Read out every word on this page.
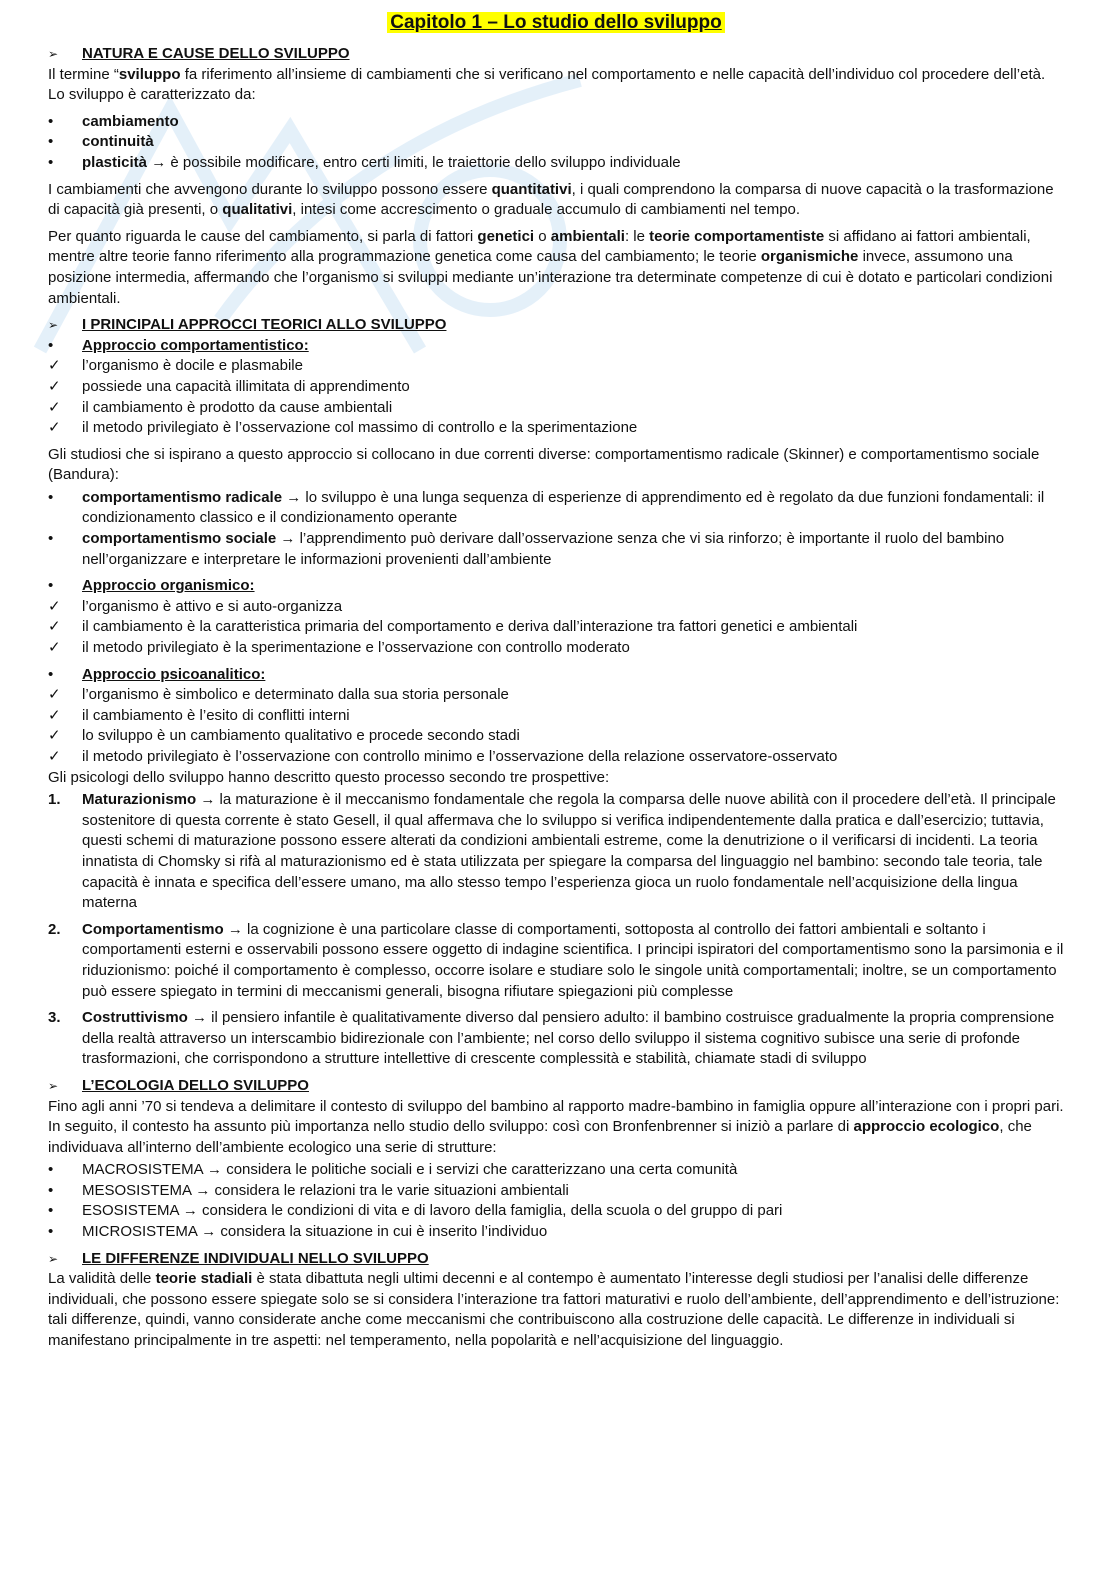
Capitolo 1 – Lo studio dello sviluppo
➢	NATURA E CAUSE DELLO SVILUPPO

Il termine “sviluppo fa riferimento all’insieme di cambiamenti che si verificano nel comportamento e nelle capacità dell’individuo col procedere dell’età. Lo sviluppo è caratterizzato da:

•	cambiamento
•	continuità
•	plasticità → è possibile modificare, entro certi limiti, le traiettorie dello sviluppo individuale

I cambiamenti che avvengono durante lo sviluppo possono essere quantitativi, i quali comprendono la comparsa di nuove capacità o la trasformazione di capacità già presenti, o qualitativi, intesi come accrescimento o graduale accumulo di cambiamenti nel tempo.

Per quanto riguarda le cause del cambiamento, si parla di fattori genetici o ambientali: le teorie comportamentiste si affidano ai fattori ambientali, mentre altre teorie fanno riferimento alla programmazione genetica come causa del cambiamento; le teorie organismiche invece, assumono una posizione intermedia, affermando che l’organismo si sviluppi mediante un’interazione tra determinate competenze di cui è dotato e particolari condizioni ambientali.

➢	I PRINCIPALI APPROCCI TEORICI ALLO SVILUPPO
•	Approccio comportamentistico:
✓	l’organismo è docile e plasmabile
✓	possiede una capacità illimitata di apprendimento
✓	il cambiamento è prodotto da cause ambientali
✓	il metodo privilegiato è l’osservazione col massimo di controllo e la sperimentazione

Gli studiosi che si ispirano a questo approccio si collocano in due correnti diverse: comportamentismo radicale (Skinner) e comportamentismo sociale (Bandura):

•	comportamentismo radicale → lo sviluppo è una lunga sequenza di esperienze di apprendimento ed è regolato da due funzioni fondamentali: il condizionamento classico e il condizionamento operante
•	comportamentismo sociale → l’apprendimento può derivare dall’osservazione senza che vi sia rinforzo; è importante il ruolo del bambino nell’organizzare e interpretare le informazioni provenienti dall’ambiente
•	Approccio organismico:
✓	l’organismo è attivo e si auto-organizza
✓	il cambiamento è la caratteristica primaria del comportamento e deriva dall’interazione tra fattori genetici e ambientali
✓	il metodo privilegiato è la sperimentazione e l’osservazione con controllo moderato
•	Approccio psicoanalitico:
✓	l’organismo è simbolico e determinato dalla sua storia personale
✓	il cambiamento è l’esito di conflitti interni
✓	lo sviluppo è un cambiamento qualitativo e procede secondo stadi
✓	il metodo privilegiato è l’osservazione con controllo minimo e l’osservazione della relazione osservatore-osservato

Gli psicologi dello sviluppo hanno descritto questo processo secondo tre prospettive:

1.	Maturazionismo → la maturazione è il meccanismo fondamentale che regola la comparsa delle nuove abilità con il procedere dell’età. Il principale sostenitore di questa corrente è stato Gesell, il qual affermava che lo sviluppo si verifica indipendentemente dalla pratica e dall’esercizio; tuttavia, questi schemi di maturazione possono essere alterati da condizioni ambientali estreme, come la denutrizione o il verificarsi di incidenti. La teoria innatista di Chomsky si rifà al maturazionismo ed è stata utilizzata per spiegare la comparsa del linguaggio nel bambino: secondo tale teoria, tale capacità è innata e specifica dell’essere umano, ma allo stesso tempo l’esperienza gioca un ruolo fondamentale nell’acquisizione della lingua materna
2.	Comportamentismo → la cognizione è una particolare classe di comportamenti, sottoposta al controllo dei fattori ambientali e soltanto i comportamenti esterni e osservabili possono essere oggetto di indagine scientifica. I principi ispiratori del comportamentismo sono la parsimonia e il riduzionismo: poiché il comportamento è complesso, occorre isolare e studiare solo le singole unità comportamentali; inoltre, se un comportamento può essere spiegato in termini di meccanismi generali, bisogna rifiutare spiegazioni più complesse
3.	Costruttivismo → il pensiero infantile è qualitativamente diverso dal pensiero adulto: il bambino costruisce gradualmente la propria comprensione della realtà attraverso un interscambio bidirezionale con l’ambiente; nel corso dello sviluppo il sistema cognitivo subisce una serie di profonde trasformazioni, che corrispondono a strutture intellettive di crescente complessità e stabilità, chiamate stadi di sviluppo
➢	L’ECOLOGIA DELLO SVILUPPO

Fino agli anni ’70 si tendeva a delimitare il contesto di sviluppo del bambino al rapporto madre-bambino in famiglia oppure all’interazione con i propri pari. In seguito, il contesto ha assunto più importanza nello studio dello sviluppo: così con Bronfenbrenner si iniziò a parlare di approccio ecologico, che individuava all’interno dell’ambiente ecologico una serie di strutture:

•	MACROSISTEMA → considera le politiche sociali e i servizi che caratterizzano una certa comunità
•	MESOSISTEMA → considera le relazioni tra le varie situazioni ambientali
•	ESOSISTEMA → considera le condizioni di vita e di lavoro della famiglia, della scuola o del gruppo di pari
•	MICROSISTEMA → considera la situazione in cui è inserito l’individuo
➢	LE DIFFERENZE INDIVIDUALI NELLO SVILUPPO

La validità delle teorie stadiali è stata dibattuta negli ultimi decenni e al contempo è aumentato l’interesse degli studiosi per l’analisi delle differenze individuali, che possono essere spiegate solo se si considera l’interazione tra fattori maturativi e ruolo dell’ambiente, dell’apprendimento e dell’istruzione: tali differenze, quindi, vanno considerate anche come meccanismi che contribuiscono alla costruzione delle capacità. Le differenze in individuali si manifestano principalmente in tre aspetti: nel temperamento, nella popolarità e nell’acquisizione del linguaggio.
